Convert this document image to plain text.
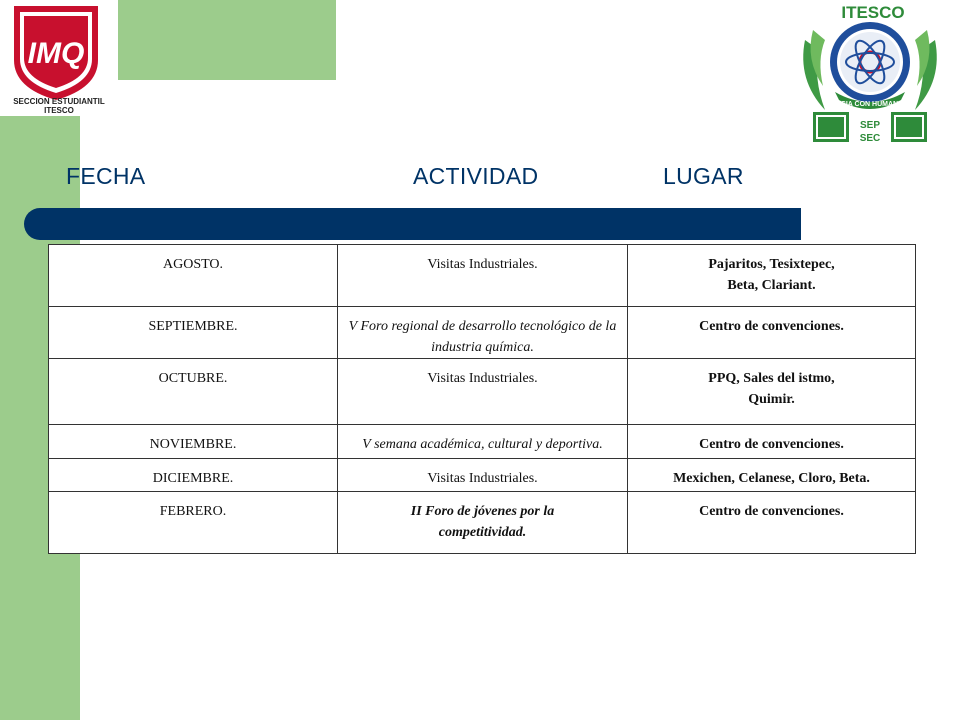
IMQ
SECCION ESTUDIANTIL
ITESCO
ITESCO
CIENCIA CON HUMANISMO
SEP
SEC
FECHA	ACTIVIDAD	LUGAR
AGOSTO.	Visitas Industriales.	Pajaritos, Tesixtepec,
Beta, Clariant.
SEPTIEMBRE.	V Foro regional de desarrollo tecnológico de la
industria química.	Centro de convenciones.
OCTUBRE.	Visitas Industriales.	PPQ, Sales del istmo,
Quimir.
NOVIEMBRE.	V semana académica, cultural y deportiva.	Centro de convenciones.
DICIEMBRE.	Visitas Industriales.	Mexichen, Celanese, Cloro, Beta.
FEBRERO.	II Foro de jóvenes por la
competitividad.	Centro de convenciones.
